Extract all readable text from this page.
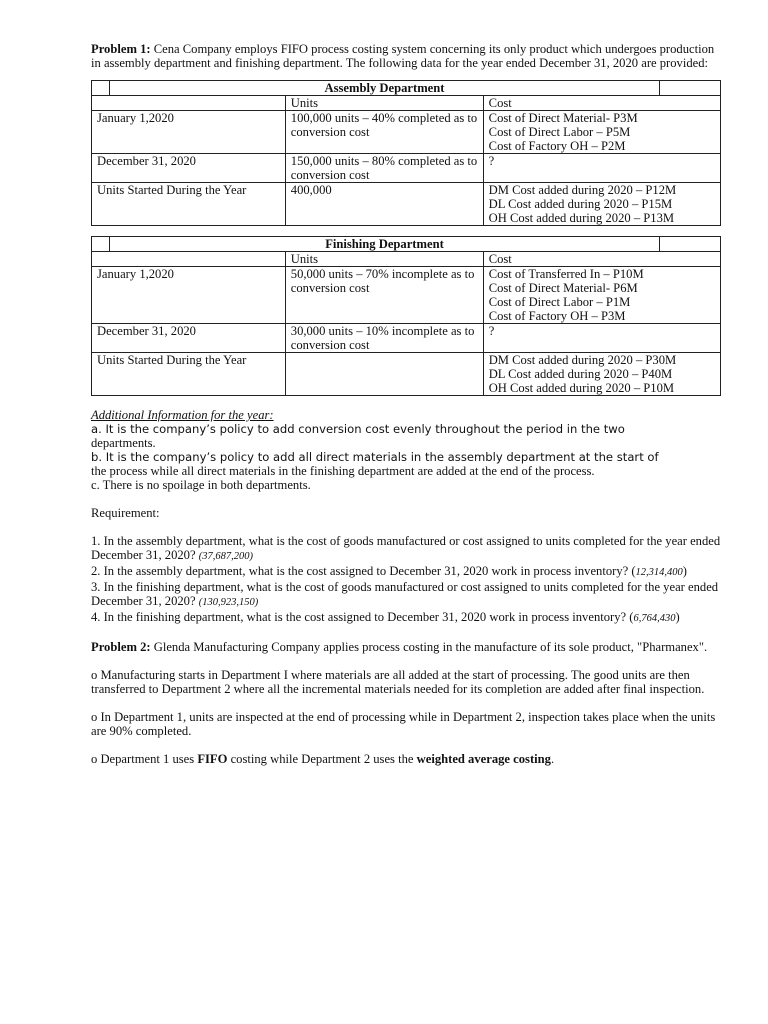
Problem 1: Cena Company employs FIFO process costing system concerning its only product which undergoes production in assembly department and finishing department. The following data for the year ended December 31, 2020 are provided:

Assembly Department		

	Units	Cost
January 1,2020	100,000 units – 40% completed as to conversion cost	Cost of Direct Material- P3M
Cost of Direct Labor – P5M
Cost of Factory OH – P2M

December 31, 2020	150,000 units – 80% completed as to conversion cost	?

Units Started During the Year	400,000	DM Cost added during 2020 – P12M
DL Cost added during 2020 – P15M
OH Cost added during 2020 – P13M
Finishing Department		

	Units	Cost
January 1,2020	50,000 units – 70% incomplete as to conversion cost	Cost of Transferred In – P10M
Cost of Direct Material- P6M
Cost of Direct Labor – P1M
Cost of Factory OH – P3M

December 31, 2020	30,000 units – 10% incomplete as to conversion cost	?

Units Started During the Year		DM Cost added during 2020 – P30M
DL Cost added during 2020 – P40M
OH Cost added during 2020 – P10M

Additional Information for the year:

a. It is the company’s policy to add conversion cost evenly throughout the period in the two

departments.

b. It is the company’s policy to add all direct materials in the assembly department at the start of

the process while all direct materials in the finishing department are added at the end of the process.

c. There is no spoilage in both departments.

Requirement:

1. In the assembly department, what is the cost of goods manufactured or cost assigned to units completed for the year ended December 31, 2020? (37,687,200)

2. In the assembly department, what is the cost assigned to December 31, 2020 work in process inventory? (12,314,400)

3. In the finishing department, what is the cost of goods manufactured or cost assigned to units completed for the year ended December 31, 2020? (130,923,150)

4. In the finishing department, what is the cost assigned to December 31, 2020 work in process inventory? (6,764,430)

Problem 2: Glenda Manufacturing Company applies process costing in the manufacture of its sole product, "Pharmanex".

o Manufacturing starts in Department I where materials are all added at the start of processing. The good units are then transferred to Department 2 where all the incremental materials needed for its completion are added after final inspection.

o In Department 1, units are inspected at the end of processing while in Department 2, inspection takes place when the units are 90% completed.

o Department 1 uses FIFO costing while Department 2 uses the weighted average costing.
